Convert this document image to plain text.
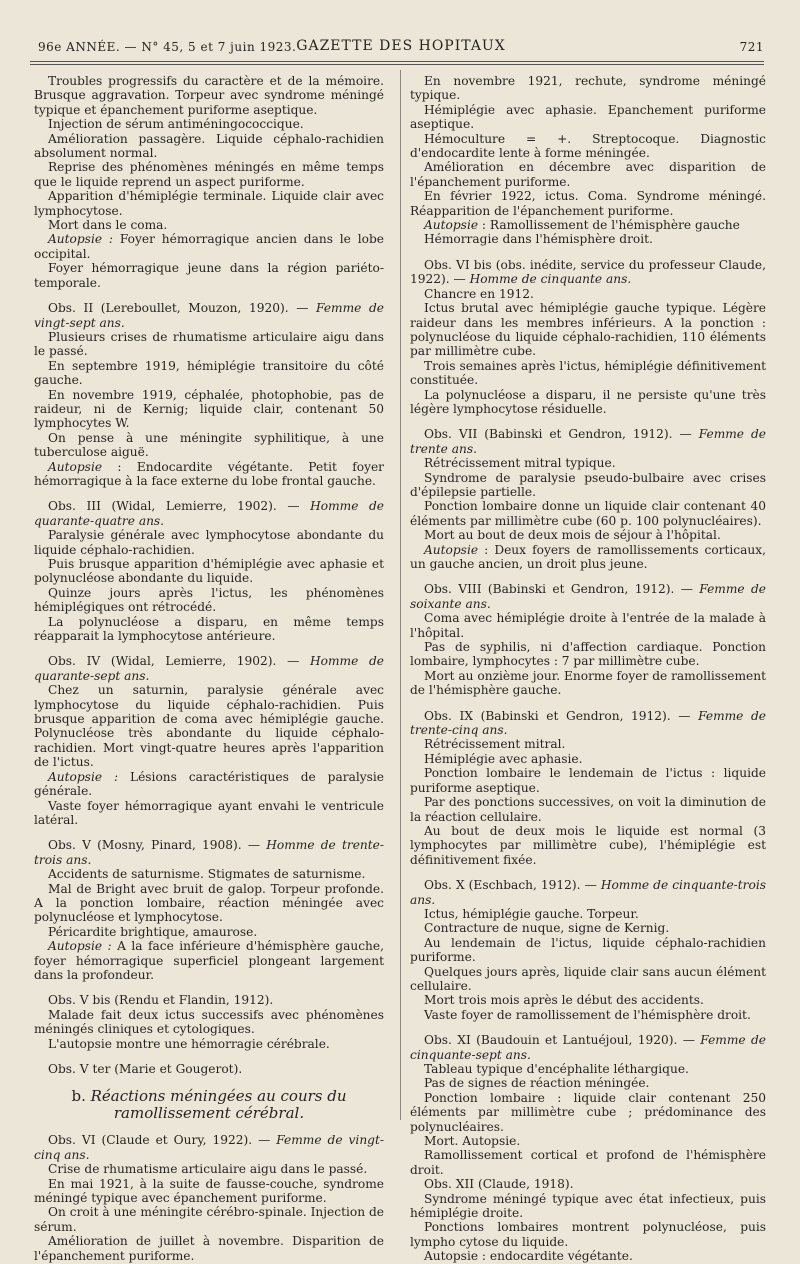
96e ANNÉE. — N° 45, 5 et 7 juin 1923. GAZETTE DES HOPITAUX	721

Troubles progressifs du caractère et de la mémoire. Brusque aggravation. Torpeur avec syndrome méningé typique et épanchement puriforme aseptique.

Injection de sérum antiméningococcique.

Amélioration passagère. Liquide céphalo-rachidien absolument normal.

Reprise des phénomènes méningés en même temps que le liquide reprend un aspect puriforme.

Apparition d'hémiplégie terminale. Liquide clair avec lymphocytose.

Mort dans le coma.

Autopsie : Foyer hémorragique ancien dans le lobe occipital.

Foyer hémorragique jeune dans la région pariéto-temporale.

Obs. II (Lereboullet, Mouzon, 1920). — Femme de vingt-sept ans.

Plusieurs crises de rhumatisme articulaire aigu dans le passé.

En septembre 1919, hémiplégie transitoire du côté gauche.

En novembre 1919, céphalée, photophobie, pas de raideur, ni de Kernig; liquide clair, contenant 50 lymphocytes W.

On pense à une méningite syphilitique, à une tuberculose aiguë.

Autopsie : Endocardite végétante. Petit foyer hémorragique à la face externe du lobe frontal gauche.

Obs. III (Widal, Lemierre, 1902). — Homme de quarante-quatre ans.

Paralysie générale avec lymphocytose abondante du liquide céphalo-rachidien.

Puis brusque apparition d'hémiplégie avec aphasie et polynucléose abondante du liquide.

Quinze jours après l'ictus, les phénomènes hémiplégiques ont rétrocédé.

La polynucléose a disparu, en même temps réapparait la lymphocytose antérieure.

Obs. IV (Widal, Lemierre, 1902). — Homme de quarante-sept ans.

Chez un saturnin, paralysie générale avec lymphocytose du liquide céphalo-rachidien. Puis brusque apparition de coma avec hémiplégie gauche. Polynucléose très abondante du liquide céphalo-rachidien. Mort vingt-quatre heures après l'apparition de l'ictus.

Autopsie : Lésions caractéristiques de paralysie générale.

Vaste foyer hémorragique ayant envahi le ventricule latéral.

Obs. V (Mosny, Pinard, 1908). — Homme de trente-trois ans.

Accidents de saturnisme. Stigmates de saturnisme.

Mal de Bright avec bruit de galop. Torpeur profonde. A la ponction lombaire, réaction méningée avec polynucléose et lymphocytose.

Péricardite brightique, amaurose.

Autopsie : A la face inférieure d'hémisphère gauche, foyer hémorragique superficiel plongeant largement dans la profondeur.

Obs. V bis (Rendu et Flandin, 1912).

Malade fait deux ictus successifs avec phénomènes méningés cliniques et cytologiques.

L'autopsie montre une hémorragie cérébrale.

Obs. V ter (Marie et Gougerot).

b. Réactions méningées au cours du ramollissement cérébral.

Obs. VI (Claude et Oury, 1922). — Femme de vingt-cinq ans.

Crise de rhumatisme articulaire aigu dans le passé.

En mai 1921, à la suite de fausse-couche, syndrome méningé typique avec épanchement puriforme.

On croit à une méningite cérébro-spinale. Injection de sérum.

Amélioration de juillet à novembre. Disparition de l'épanchement puriforme.

En novembre 1921, rechute, syndrome méningé typique.

Hémiplégie avec aphasie. Epanchement puriforme aseptique.

Hémoculture = +. Streptocoque. Diagnostic d'endocardite lente à forme méningée.

Amélioration en décembre avec disparition de l'épanchement puriforme.

En février 1922, ictus. Coma. Syndrome méningé. Réapparition de l'épanchement puriforme.

Autopsie : Ramollissement de l'hémisphère gauche

Hémorragie dans l'hémisphère droit.

Obs. VI bis (obs. inédite, service du professeur Claude, 1922). — Homme de cinquante ans.

Chancre en 1912.

Ictus brutal avec hémiplégie gauche typique. Légère raideur dans les membres inférieurs. A la ponction : polynucléose du liquide céphalo-rachidien, 110 éléments par millimètre cube.

Trois semaines après l'ictus, hémiplégie définitivement constituée.

La polynucléose a disparu, il ne persiste qu'une très légère lymphocytose résiduelle.

Obs. VII (Babinski et Gendron, 1912). — Femme de trente ans.

Rétrécissement mitral typique.

Syndrome de paralysie pseudo-bulbaire avec crises d'épilepsie partielle.

Ponction lombaire donne un liquide clair contenant 40 éléments par millimètre cube (60 p. 100 polynucléaires).

Mort au bout de deux mois de séjour à l'hôpital.

Autopsie : Deux foyers de ramollissements corticaux, un gauche ancien, un droit plus jeune.

Obs. VIII (Babinski et Gendron, 1912). — Femme de soixante ans.

Coma avec hémiplégie droite à l'entrée de la malade à l'hôpital.

Pas de syphilis, ni d'affection cardiaque. Ponction lombaire, lymphocytes : 7 par millimètre cube.

Mort au onzième jour. Enorme foyer de ramollissement de l'hémisphère gauche.

Obs. IX (Babinski et Gendron, 1912). — Femme de trente-cinq ans.

Rétrécissement mitral.

Hémiplégie avec aphasie.

Ponction lombaire le lendemain de l'ictus : liquide puriforme aseptique.

Par des ponctions successives, on voit la diminution de la réaction cellulaire.

Au bout de deux mois le liquide est normal (3 lymphocytes par millimètre cube), l'hémiplégie est définitivement fixée.

Obs. X (Eschbach, 1912). — Homme de cinquante-trois ans.

Ictus, hémiplégie gauche. Torpeur.

Contracture de nuque, signe de Kernig.

Au lendemain de l'ictus, liquide céphalo-rachidien puriforme.

Quelques jours après, liquide clair sans aucun élément cellulaire.

Mort trois mois après le début des accidents.

Vaste foyer de ramollissement de l'hémisphère droit.

Obs. XI (Baudouin et Lantuéjoul, 1920). — Femme de cinquante-sept ans.

Tableau typique d'encéphalite léthargique.

Pas de signes de réaction méningée.

Ponction lombaire : liquide clair contenant 250 éléments par millimètre cube ; prédominance des polynucléaires.

Mort. Autopsie.

Ramollissement cortical et profond de l'hémisphère droit.

Obs. XII (Claude, 1918).

Syndrome méningé typique avec état infectieux, puis hémiplégie droite.

Ponctions lombaires montrent polynucléose, puis lympho cytose du liquide.

Autopsie : endocardite végétante.
